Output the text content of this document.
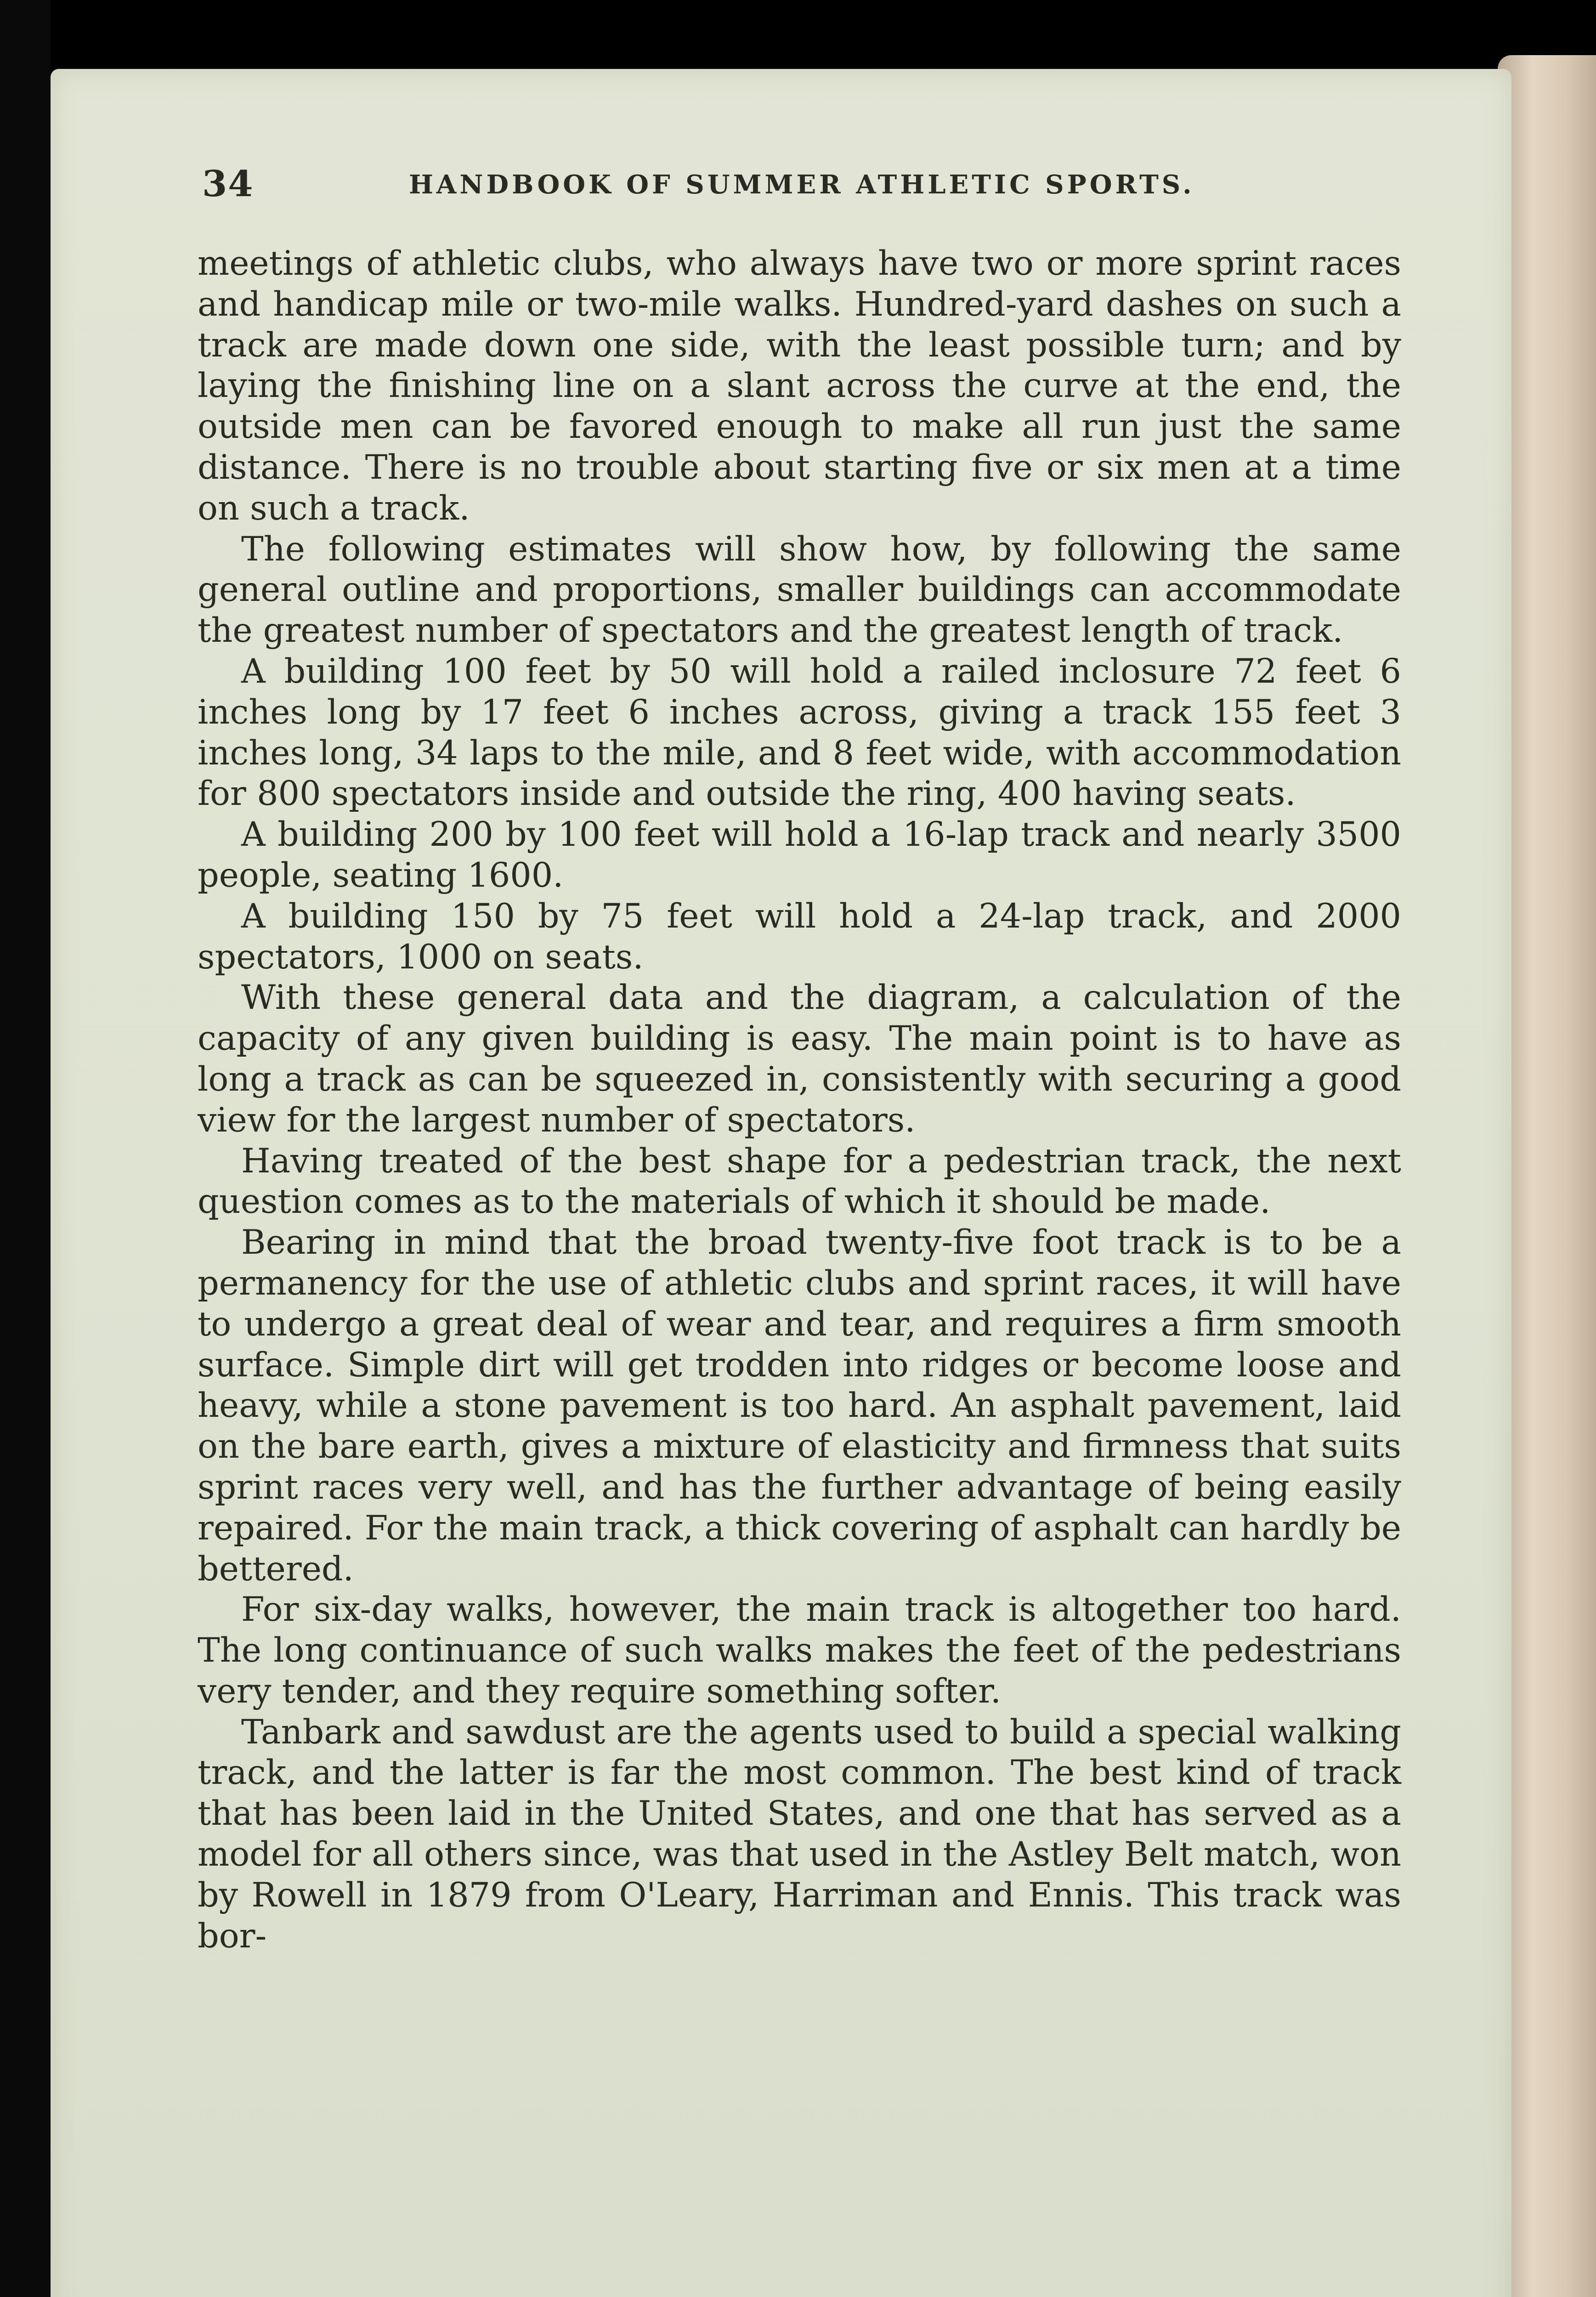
34	HANDBOOK OF SUMMER ATHLETIC SPORTS.

meetings of athletic clubs, who always have two or more sprint races and handicap mile or two-mile walks. Hundred-yard dashes on such a track are made down one side, with the least possible turn; and by laying the finishing line on a slant across the curve at the end, the outside men can be favored enough to make all run just the same distance. There is no trouble about starting five or six men at a time on such a track.

The following estimates will show how, by following the same general outline and proportions, smaller buildings can accommodate the greatest number of spectators and the greatest length of track.

A building 100 feet by 50 will hold a railed inclosure 72 feet 6 inches long by 17 feet 6 inches across, giving a track 155 feet 3 inches long, 34 laps to the mile, and 8 feet wide, with accommodation for 800 spectators inside and outside the ring, 400 having seats.

A building 200 by 100 feet will hold a 16-lap track and nearly 3500 people, seating 1600.

A building 150 by 75 feet will hold a 24-lap track, and 2000 spectators, 1000 on seats.

With these general data and the diagram, a calculation of the capacity of any given building is easy. The main point is to have as long a track as can be squeezed in, consistently with securing a good view for the largest number of spectators.

Having treated of the best shape for a pedestrian track, the next question comes as to the materials of which it should be made.

Bearing in mind that the broad twenty-five foot track is to be a permanency for the use of athletic clubs and sprint races, it will have to undergo a great deal of wear and tear, and requires a firm smooth surface. Simple dirt will get trodden into ridges or become loose and heavy, while a stone pavement is too hard. An asphalt pavement, laid on the bare earth, gives a mixture of elasticity and firmness that suits sprint races very well, and has the further advantage of being easily repaired. For the main track, a thick covering of asphalt can hardly be bettered.

For six-day walks, however, the main track is altogether too hard. The long continuance of such walks makes the feet of the pedestrians very tender, and they require something softer.

Tanbark and sawdust are the agents used to build a special walking track, and the latter is far the most common. The best kind of track that has been laid in the United States, and one that has served as a model for all others since, was that used in the Astley Belt match, won by Rowell in 1879 from O'Leary, Harriman and Ennis. This track was bor-
